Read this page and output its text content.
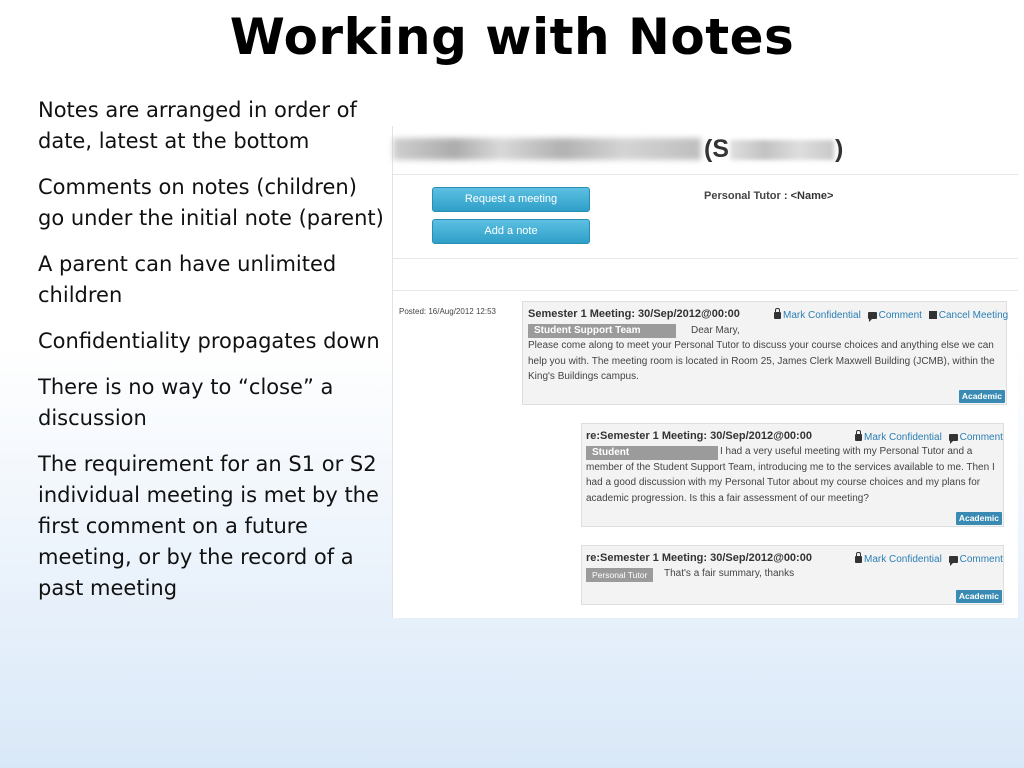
Working with Notes
Notes are arranged in order of date, latest at the bottom
Comments on notes (children) go under the initial note (parent)
A parent can have unlimited children
Confidentiality propagates down
There is no way to “close” a discussion
The requirement for an S1 or S2 individual meeting is met by the first comment on a future meeting, or by the record of a past meeting
(S	)
Request a meeting
Add a note
Personal Tutor : <Name>
Posted: 16/Aug/2012 12:53	Semester 1 Meeting: 30/Sep/2012@00:00	Mark Confidential Comment Cancel Meeting
Student Support Team	Dear Mary,
Please come along to meet your Personal Tutor to discuss your course choices and anything else we can help you with. The meeting room is located in Room 25, James Clerk Maxwell Building (JCMB), within the King's Buildings campus.
Academic
re:Semester 1 Meeting: 30/Sep/2012@00:00	Mark Confidential Comment
Student	I had a very useful meeting with my Personal Tutor and a member of the Student Support Team, introducing me to the services available to me. Then I had a good discussion with my Personal Tutor about my course choices and my plans for academic progression. Is this a fair assessment of our meeting?
Academic
re:Semester 1 Meeting: 30/Sep/2012@00:00	Mark Confidential Comment
Personal Tutor	That's a fair summary, thanks
Academic
